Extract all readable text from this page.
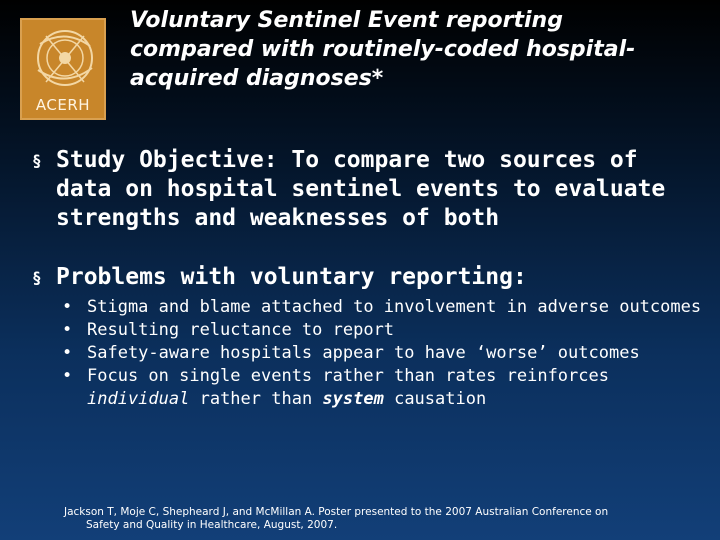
ACERH
Voluntary Sentinel Event reporting compared with routinely-coded hospital-acquired diagnoses*
§ Study Objective: To compare two sources of data on hospital sentinel events to evaluate strengths and weaknesses of both
§ Problems with voluntary reporting:
• Stigma and blame attached to involvement in adverse outcomes
• Resulting reluctance to report
• Safety-aware hospitals appear to have ‘worse’ outcomes
• Focus on single events rather than rates reinforces individual rather than system causation
Jackson T, Moje C, Shepheard J, and McMillan A. Poster presented to the 2007 Australian Conference on
Safety and Quality in Healthcare, August, 2007.
